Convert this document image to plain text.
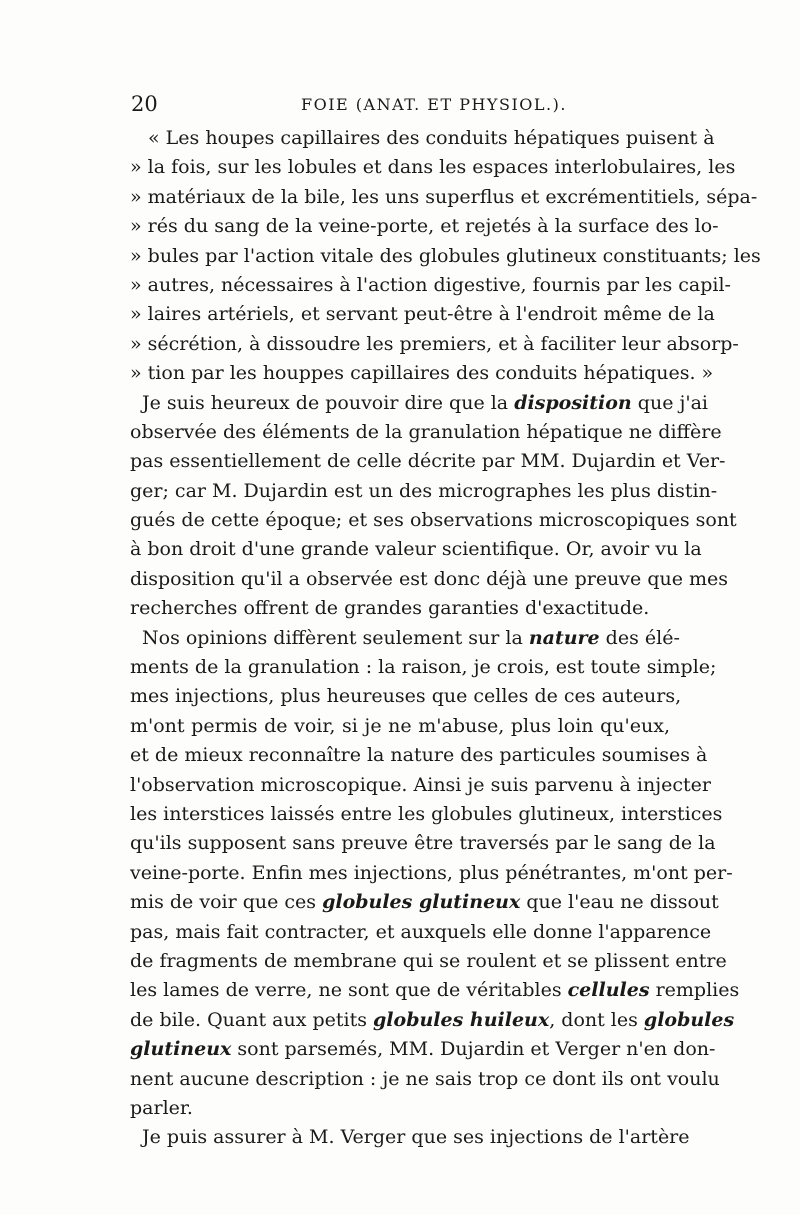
20	FOIE (ANAT. ET PHYSIOL.).
« Les houpes capillaires des conduits hépatiques puisent à
» la fois, sur les lobules et dans les espaces interlobulaires, les
» matériaux de la bile, les uns superflus et excrémentitiels, sépa-
» rés du sang de la veine-porte, et rejetés à la surface des lo-
» bules par l'action vitale des globules glutineux constituants; les
» autres, nécessaires à l'action digestive, fournis par les capil-
» laires artériels, et servant peut-être à l'endroit même de la
» sécrétion, à dissoudre les premiers, et à faciliter leur absorp-
» tion par les houppes capillaires des conduits hépatiques. »
Je suis heureux de pouvoir dire que la disposition que j'ai
observée des éléments de la granulation hépatique ne diffère
pas essentiellement de celle décrite par MM. Dujardin et Ver-
ger; car M. Dujardin est un des micrographes les plus distin-
gués de cette époque; et ses observations microscopiques sont
à bon droit d'une grande valeur scientifique. Or, avoir vu la
disposition qu'il a observée est donc déjà une preuve que mes
recherches offrent de grandes garanties d'exactitude.
Nos opinions diffèrent seulement sur la nature des élé-
ments de la granulation : la raison, je crois, est toute simple;
mes injections, plus heureuses que celles de ces auteurs,
m'ont permis de voir, si je ne m'abuse, plus loin qu'eux,
et de mieux reconnaître la nature des particules soumises à
l'observation microscopique. Ainsi je suis parvenu à injecter
les interstices laissés entre les globules glutineux, interstices
qu'ils supposent sans preuve être traversés par le sang de la
veine-porte. Enfin mes injections, plus pénétrantes, m'ont per-
mis de voir que ces globules glutineux que l'eau ne dissout
pas, mais fait contracter, et auxquels elle donne l'apparence
de fragments de membrane qui se roulent et se plissent entre
les lames de verre, ne sont que de véritables cellules remplies
de bile. Quant aux petits globules huileux, dont les globules
glutineux sont parsemés, MM. Dujardin et Verger n'en don-
nent aucune description : je ne sais trop ce dont ils ont voulu
parler.
Je puis assurer à M. Verger que ses injections de l'artère
